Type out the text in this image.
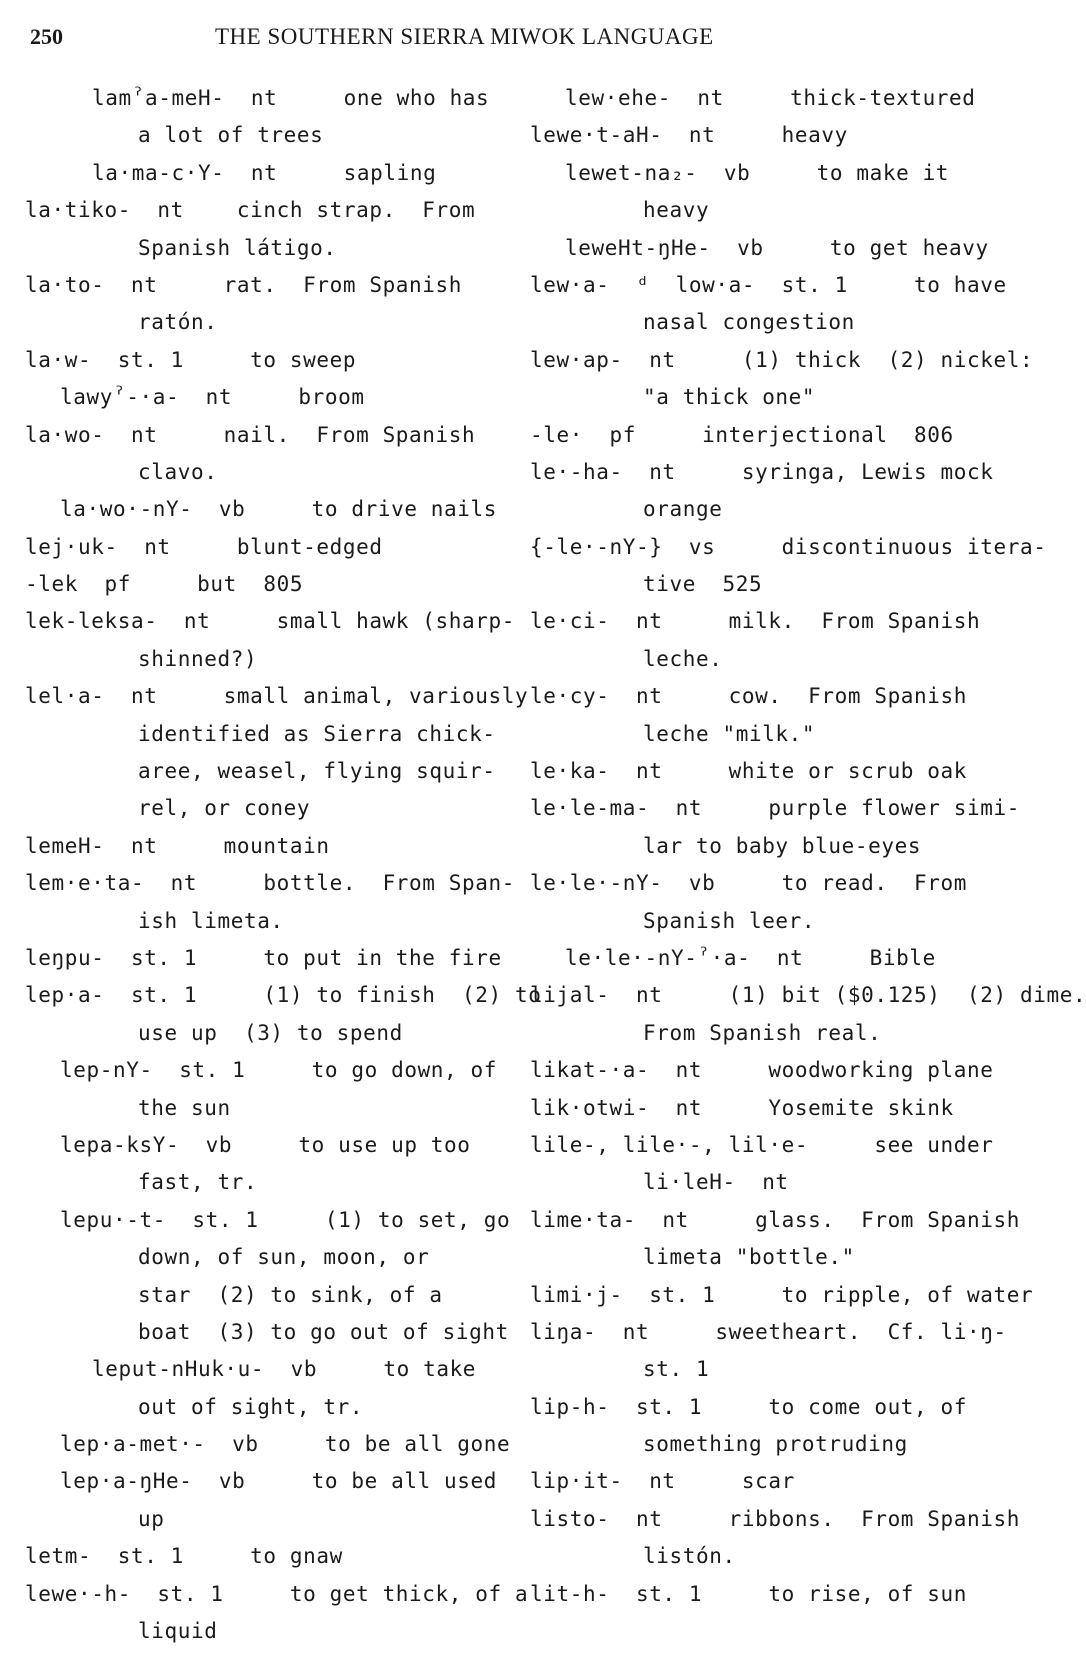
250	THE SOUTHERN SIERRA MIWOK LANGUAGE
lamˀa-meH-  nt     one who has
a lot of trees
la·ma-c·Y-  nt     sapling
la·tiko-  nt    cinch strap.  From
Spanish látigo.
la·to-  nt     rat.  From Spanish
ratón.
la·w-  st. 1     to sweep
lawyˀ-·a-  nt     broom
la·wo-  nt     nail.  From Spanish
clavo.
la·wo·-nY-  vb     to drive nails
lej·uk-  nt     blunt-edged
-lek  pf     but  805
lek-leksa-  nt     small hawk (sharp-
shinned?)
lel·a-  nt     small animal, variously
identified as Sierra chick-
aree, weasel, flying squir-
rel, or coney
lemeH-  nt     mountain
lem·e·ta-  nt     bottle.  From Span-
ish limeta.
leŋpu-  st. 1     to put in the fire
lep·a-  st. 1     (1) to finish  (2) to
use up  (3) to spend
lep-nY-  st. 1     to go down, of
the sun
lepa-ksY-  vb     to use up too
fast, tr.
lepu·-t-  st. 1     (1) to set, go
down, of sun, moon, or
star  (2) to sink, of a
boat  (3) to go out of sight
leput-nHuk·u-  vb     to take
out of sight, tr.
lep·a-met·-  vb     to be all gone
lep·a-ŋHe-  vb     to be all used
up
letm-  st. 1     to gnaw
lewe·-h-  st. 1     to get thick, of a
liquid
lew·ehe-  nt     thick-textured
lewe·t-aH-  nt     heavy
lewet-na₂-  vb     to make it
heavy
leweHt-ŋHe-  vb     to get heavy
lew·a-  ᵈ  low·a-  st. 1     to have
nasal congestion
lew·ap-  nt     (1) thick  (2) nickel:
"a thick one"
-le·  pf     interjectional  806
le·-ha-  nt     syringa, Lewis mock
orange
{-le·-nY-}  vs     discontinuous itera-
tive  525
le·ci-  nt     milk.  From Spanish
leche.
le·cy-  nt     cow.  From Spanish
leche "milk."
le·ka-  nt     white or scrub oak
le·le-ma-  nt     purple flower simi-
lar to baby blue-eyes
le·le·-nY-  vb     to read.  From
Spanish leer.
le·le·-nY-ˀ·a-  nt     Bible
lijal-  nt     (1) bit ($0.125)  (2) dime.
From Spanish real.
likat-·a-  nt     woodworking plane
lik·otwi-  nt     Yosemite skink
lile-, lile·-, lil·e-     see under
li·leH-  nt
lime·ta-  nt     glass.  From Spanish
limeta "bottle."
limi·j-  st. 1     to ripple, of water
liŋa-  nt     sweetheart.  Cf. li·ŋ-
st. 1
lip-h-  st. 1     to come out, of
something protruding
lip·it-  nt     scar
listo-  nt     ribbons.  From Spanish
listón.
lit-h-  st. 1     to rise, of sun
